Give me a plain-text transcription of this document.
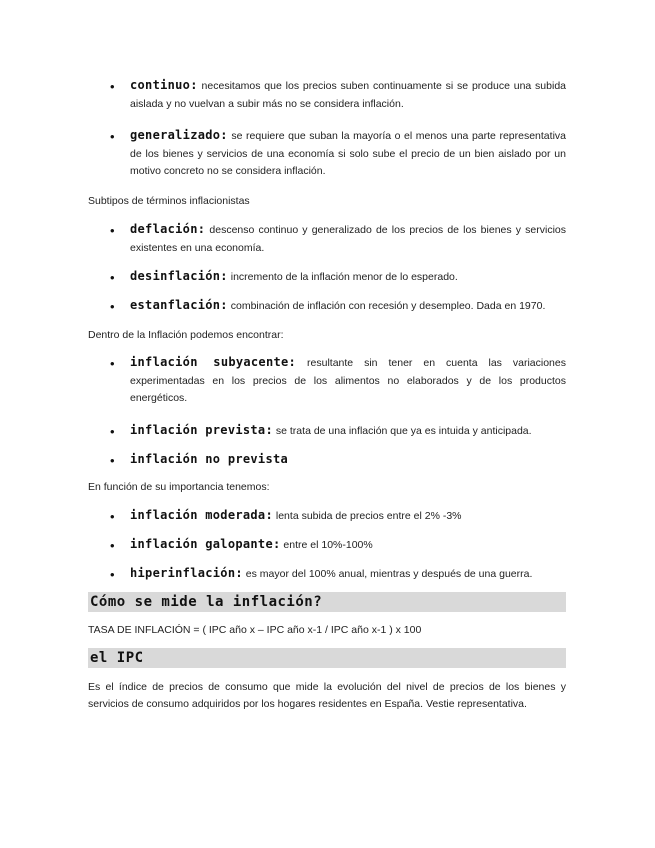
•	continuo: necesitamos que los precios suben continuamente si se produce una subida aislada y no vuelvan a subir más no se considera inflación.
•	generalizado: se requiere que suban la mayoría o el menos una parte representativa de los bienes y servicios de una economía si solo sube el precio de un bien aislado por un motivo concreto no se considera inflación.
Subtipos de términos inflacionistas
•	deflación: descenso continuo y generalizado de los precios de los bienes y servicios existentes en una economía.
•	desinflación: incremento de la inflación menor de lo esperado.
•	estanflación: combinación de inflación con recesión y desempleo. Dada en 1970.
Dentro de la Inflación podemos encontrar:
•	inflación subyacente: resultante sin tener en cuenta las variaciones experimentadas en los precios de los alimentos no elaborados y de los productos energéticos.
•	inflación prevista: se trata de una inflación que ya es intuida y anticipada.
•	inflación no prevista
En función de su importancia tenemos:
•	inflación moderada: lenta subida de precios entre el 2% -3%
•	inflación galopante: entre el 10%-100%
•	hiperinflación: es mayor del 100% anual, mientras y después de una guerra.
Cómo se mide la inflación?
TASA DE INFLACIÓN = ( IPC año x – IPC año x-1 / IPC año x-1 ) x 100
el IPC
Es el índice de precios de consumo que mide la evolución del nivel de precios de los bienes y servicios de consumo adquiridos por los hogares residentes en España. Vestie representativa.
